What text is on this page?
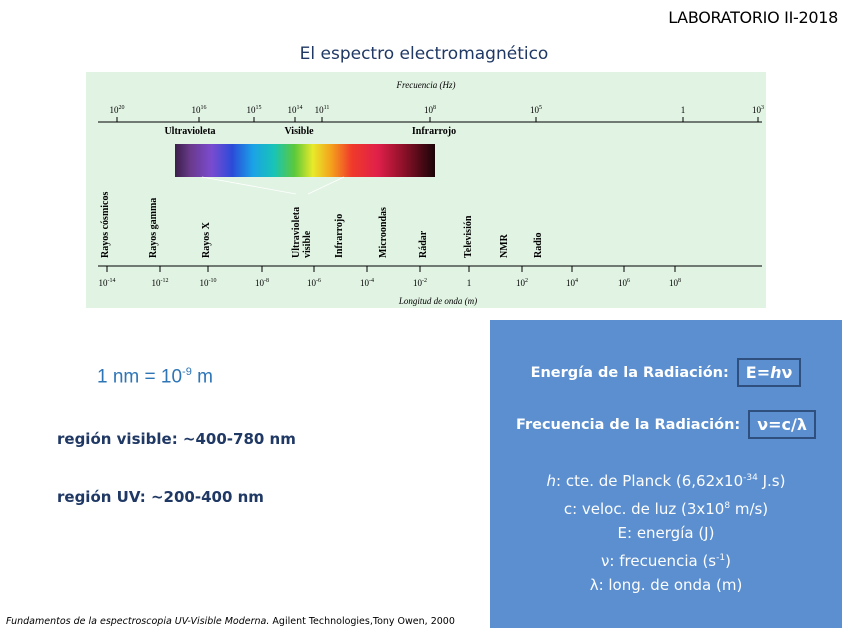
LABORATORIO II-2018
El espectro electromagnético
Frecuencia (Hz)
$10^{20}$	$10^{16}$	$10^{15}$	$10^{14}$ $10^{11}$	$10^8$	$10^5$	1	$10^3$
Ultravioleta	Visible	Infrarrojo
Rayos cósmicos	Rayos gamma	Rayos X	Ultravioletavisible Infrarrojo	Microondas	Rádar	Televisión	NMR Radio
$10^{-14}$	$10^{-12}$	$10^{-10}$	$10^{-8}$	$10^{-6}$	$10^{-4}$	$10^{-2}$	1	$10^2$	$10^4$	$10^6$	$10^8$
Longitud de onda (m)
1 nm = $10^{-9}$ m
región visible: ~400-780 nm
región UV: ~200-400 nm
Energía de la Radiación:	E=hν
Frecuencia de la Radiación:	ν=c/λ
h: cte. de Planck ($6,62x10^{-34}$ J.s)
c: veloc. de luz ($3x10^8$ m/s)
E: energía (J)
ν: frecuencia $(s^{-1})$
λ: long. de onda (m)
Fundamentos de la espectroscopia UV-Visible Moderna. Agilent Technologies,Tony Owen, 2000
